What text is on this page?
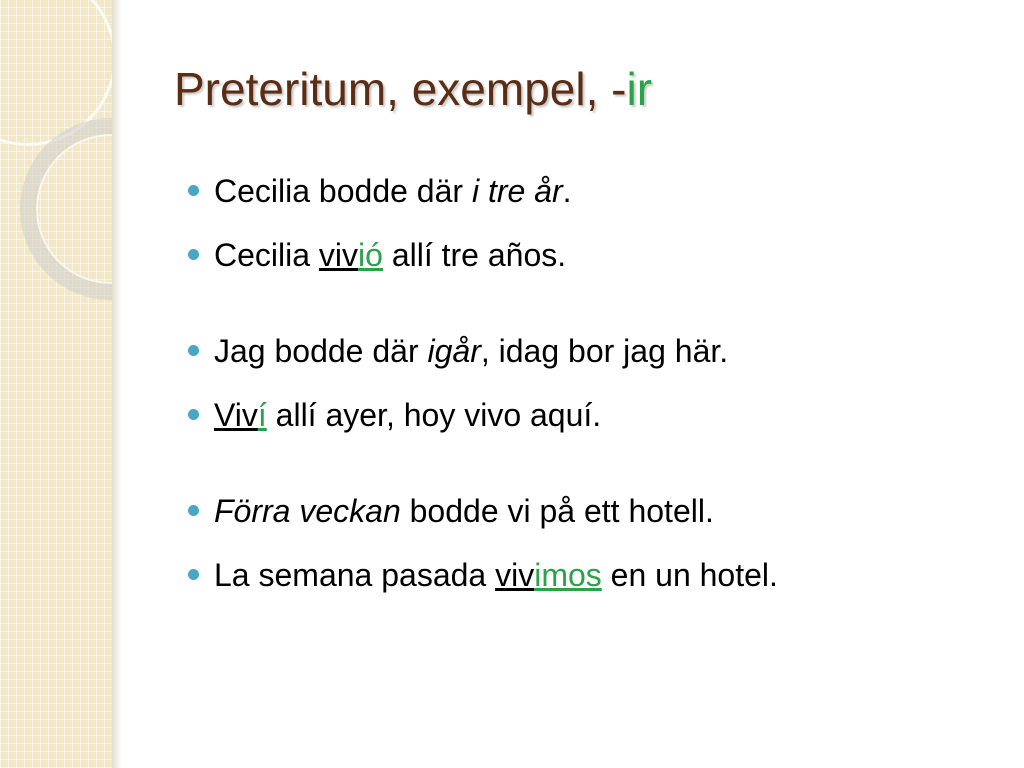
Preteritum, exempel, -ir
Cecilia bodde där i tre år.
Cecilia vivió allí tre años.
Jag bodde där igår, idag bor jag här.
Viví allí ayer, hoy vivo aquí.
Förra veckan bodde vi på ett hotell.
La semana pasada vivimos en un hotel.
